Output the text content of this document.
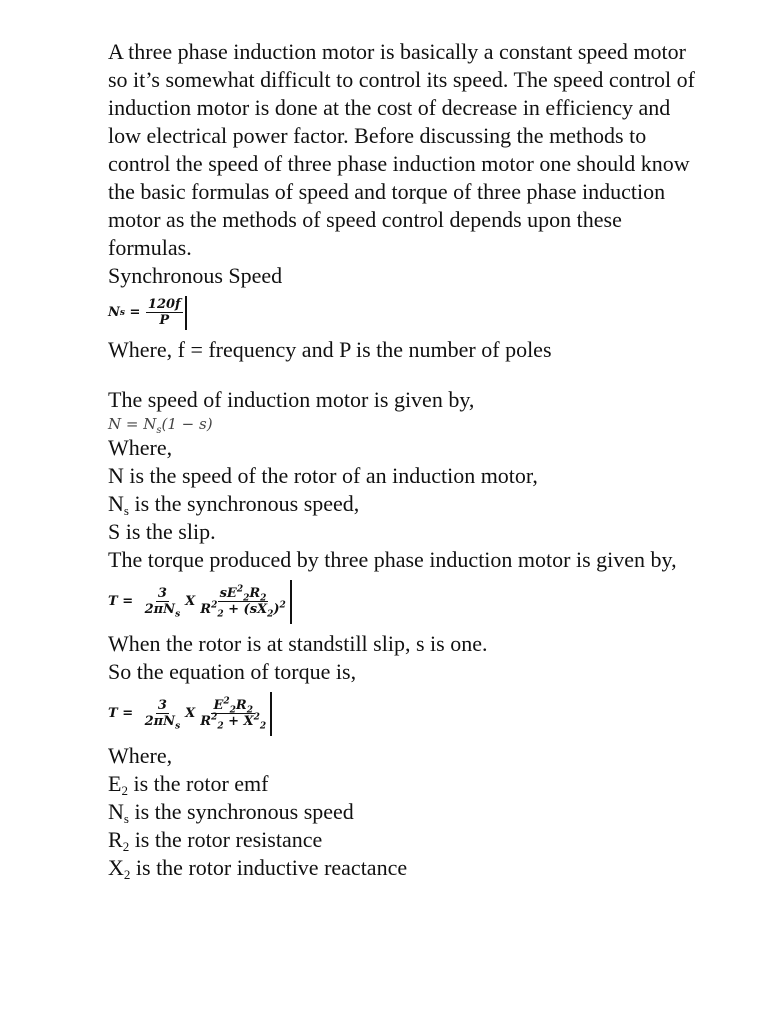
A three phase induction motor is basically a constant speed motor so it’s somewhat difficult to control its speed. The speed control of induction motor is done at the cost of decrease in efficiency and low electrical power factor. Before discussing the methods to control the speed of three phase induction motor one should know the basic formulas of speed and torque of three phase induction motor as the methods of speed control depends upon these formulas.

Synchronous Speed

N $s = \frac{120f}{P}$

Where, f = frequency and P is the number of poles

The speed of induction motor is given by,

$N = N_s(1 - s)$

Where,

N is the speed of the rotor of an induction motor,

$N_s$ is the synchronous speed,

S is the slip.

The torque produced by three phase induction motor is given by,

$T = \frac{3}{2\pi N_s}$ X $\frac{sE^2_2R_2}{R^2_2 + (sX_2)^2}$

When the rotor is at standstill slip, s is one.

So the equation of torque is,

$T = \frac{3}{2\pi N_s}$ X $\frac{E^2_2R_2}{R^2_2 + X^2_2}$

Where,

$E_2$ is the rotor emf

$N_s$ is the synchronous speed

$R_2$ is the rotor resistance

$X_2$ is the rotor inductive reactance
